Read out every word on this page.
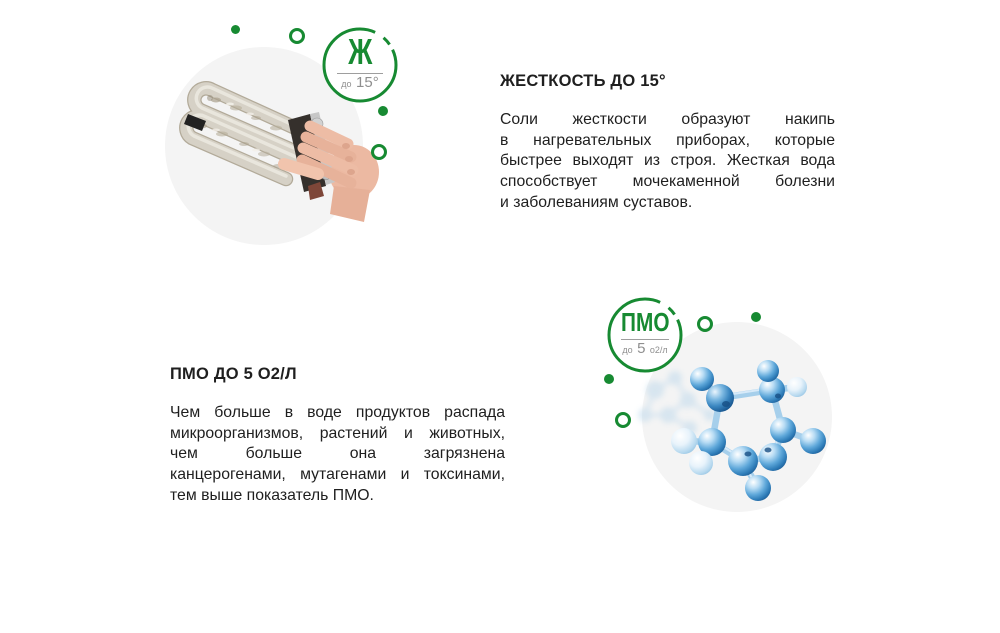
Ж
до 15°	ЖЕСТКОСТЬ ДО 15°
Соли жесткости образуют накипь
в нагревательных приборах, которые
быстрее выходят из строя. Жесткая вода
способствует мочекаменной болезни
и заболеваниям суставов.
ПМО ДО 5 О2/Л
Чем больше в воде продуктов распада
микроорганизмов, растений и животных,
чем больше она загрязнена
канцерогенами, мутагенами и токсинами,
тем выше показатель ПМО.
ПМО
до 5 о2/л
